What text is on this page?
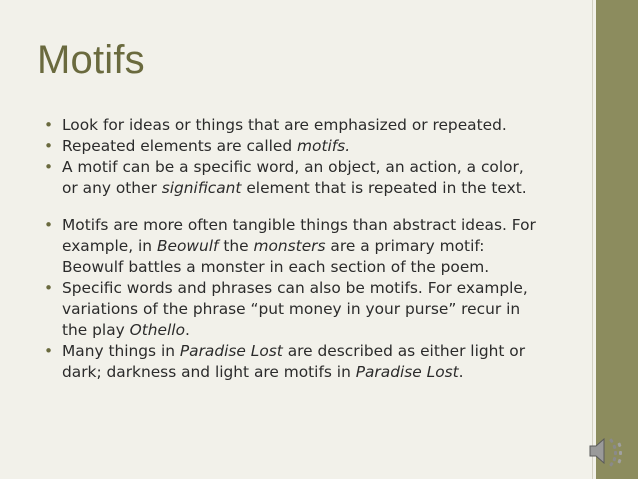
Motifs
• Look for ideas or things that are emphasized or repeated.
• Repeated elements are called motifs.
• A motif can be a specific word, an object, an action, a color, or any other significant element that is repeated in the text.
• Motifs are more often tangible things than abstract ideas. For example, in Beowulf the monsters are a primary motif: Beowulf battles a monster in each section of the poem.
• Specific words and phrases can also be motifs. For example, variations of the phrase “put money in your purse” recur in the play Othello.
• Many things in Paradise Lost are described as either light or dark; darkness and light are motifs in Paradise Lost.
